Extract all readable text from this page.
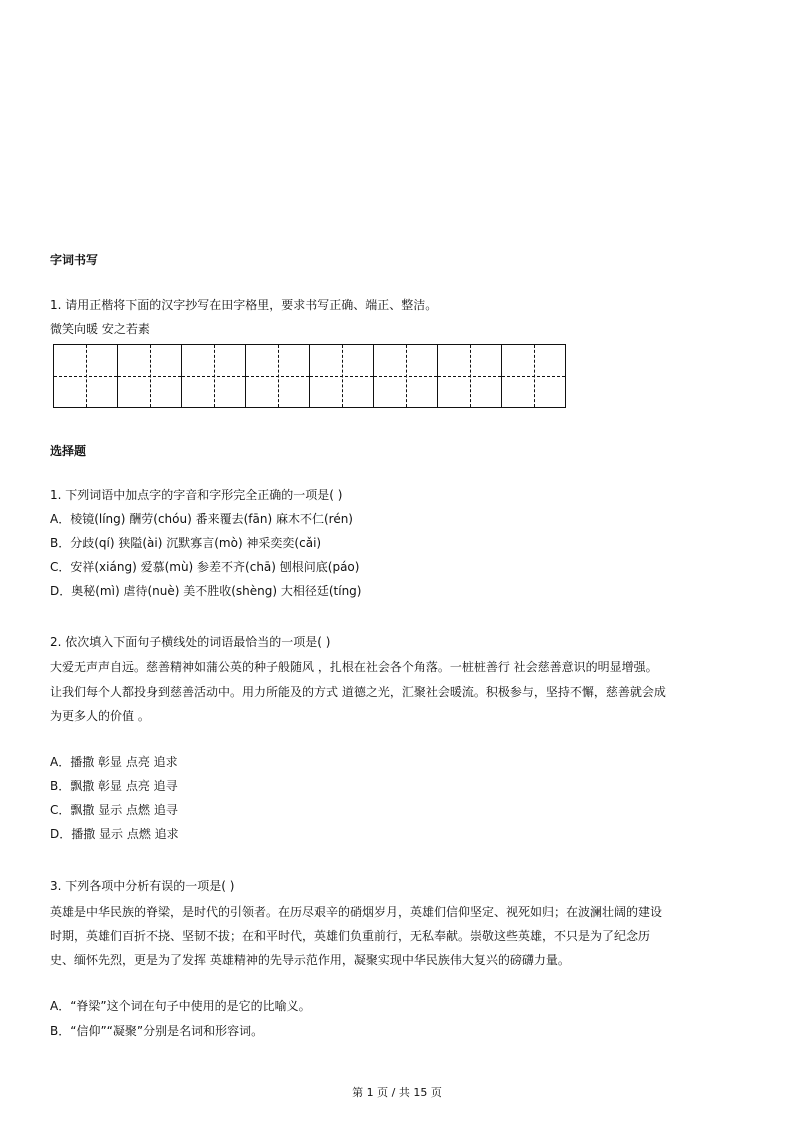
字词书写
1. 请用正楷将下面的汉字抄写在田字格里，要求书写正确、端正、整洁。
微笑向暖 安之若素
选择题
1. 下列词语中加点字的字音和字形完全正确的一项是( )
A．棱镜(líng) 酬劳(chóu) 番来覆去(fān) 麻木不仁(rén)
B．分歧(qí) 狭隘(ài) 沉默寡言(mò) 神采奕奕(cǎi)
C．安祥(xiáng) 爱慕(mù) 参差不齐(chā) 刨根问底(páo)
D．奥秘(mì) 虐待(nuè) 美不胜收(shèng) 大相径廷(tíng)
2. 依次填入下面句子横线处的词语最恰当的一项是( )
大爱无声声自远。慈善精神如蒲公英的种子般随风 ，扎根在社会各个角落。一桩桩善行 社会慈善意识的明显增强。
让我们每个人都投身到慈善活动中。用力所能及的方式 道德之光，汇聚社会暖流。积极参与，坚持不懈，慈善就会成
为更多人的价值 。
A．播撒 彰显 点亮 追求
B．飘撒 彰显 点亮 追寻
C．飘撒 显示 点燃 追寻
D．播撒 显示 点燃 追求
3. 下列各项中分析有误的一项是( )
英雄是中华民族的脊梁，是时代的引领者。在历尽艰辛的硝烟岁月，英雄们信仰坚定、视死如归；在波澜壮阔的建设
时期，英雄们百折不挠、坚韧不拔；在和平时代，英雄们负重前行，无私奉献。崇敬这些英雄，不只是为了纪念历
史、缅怀先烈，更是为了发挥 英雄精神的先导示范作用，凝聚实现中华民族伟大复兴的磅礴力量。
A．“脊梁”这个词在句子中使用的是它的比喻义。
B．“信仰”“凝聚”分别是名词和形容词。
第 1 页 / 共 15 页
